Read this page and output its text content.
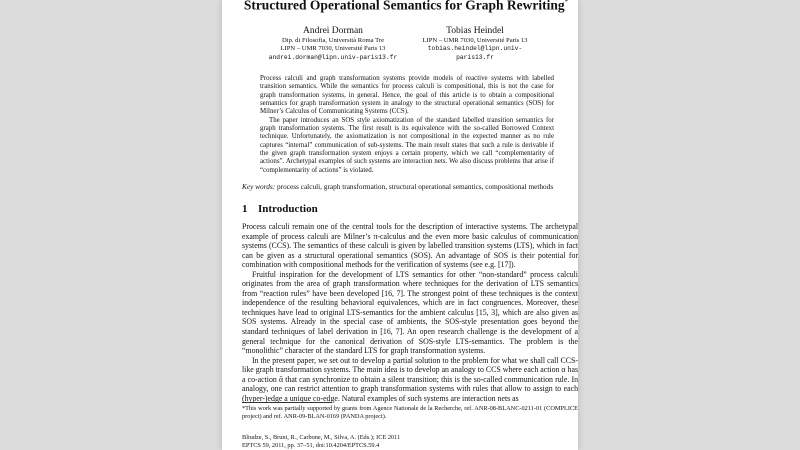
Structured Operational Semantics for Graph Rewriting*
Andrei Dorman
Dip. di Filosofia, Università Roma Tre
LIPN – UMR 7030, Université Paris 13
andrei.dorman@lipn.univ-paris13.fr
Tobias Heindel
LIPN – UMR 7030, Université Paris 13
tobias.heindel@lipn.univ-paris13.fr

Process calculi and graph transformation systems provide models of reactive systems with labelled transition semantics. While the semantics for process calculi is compositional, this is not the case for graph transformation systems, in general. Hence, the goal of this article is to obtain a compositional semantics for graph transformation system in analogy to the structural operational semantics (SOS) for Milner’s Calculus of Communicating Systems (CCS).

The paper introduces an SOS style axiomatization of the standard labelled transition semantics for graph transformation systems. The first result is its equivalence with the so-called Borrowed Context technique. Unfortunately, the axiomatization is not compositional in the expected manner as no rule captures “internal” communication of sub-systems. The main result states that such a rule is derivable if the given graph transformation system enjoys a certain property, which we call “complementarity of actions”. Archetypal examples of such systems are interaction nets. We also discuss problems that arise if “complementarity of actions” is violated.

Key words: process calculi, graph transformation, structural operational semantics, compositional methods
1 Introduction

Process calculi remain one of the central tools for the description of interactive systems. The archetypal example of process calculi are Milner’s π-calculus and the even more basic calculus of communication systems (CCS). The semantics of these calculi is given by labelled transition systems (LTS), which in fact can be given as a structural operational semantics (SOS). An advantage of SOS is their potential for combination with compositional methods for the verification of systems (see e.g. [17]).

Fruitful inspiration for the development of LTS semantics for other “non-standard” process calculi originates from the area of graph transformation where techniques for the derivation of LTS semantics from “reaction rules” have been developed [16, 7]. The strongest point of these techniques is the context independence of the resulting behavioral equivalences, which are in fact congruences. Moreover, these techniques have lead to original LTS-semantics for the ambient calculus [15, 3], which are also given as SOS systems. Already in the special case of ambients, the SOS-style presentation goes beyond the standard techniques of label derivation in [16, 7]. An open research challenge is the development of a general technique for the canonical derivation of SOS-style LTS-semantics. The problem is the “monolithic” character of the standard LTS for graph transformation systems.

In the present paper, we set out to develop a partial solution to the problem for what we shall call CCS-like graph transformation systems. The main idea is to develop an analogy to CCS where each action α has a co-action ᾱ that can synchronize to obtain a silent transition; this is the so-called communication rule. In analogy, one can restrict attention to graph transformation systems with rules that allow to assign to each (hyper-)edge a unique co-edge. Natural examples of such systems are interaction nets as

*This work was partially supported by grants from Agence Nationale de la Recherche, ref. ANR-08-BLANC-0211-01 (COMPLICE project) and ref. ANR-09-BLAN-0169 (PANDA project).

Bliudze, S., Bruni, R., Carbone, M., Silva, A. (Eds.); ICE 2011
EPTCS 59, 2011, pp. 37–51, doi:10.4204/EPTCS.59.4
